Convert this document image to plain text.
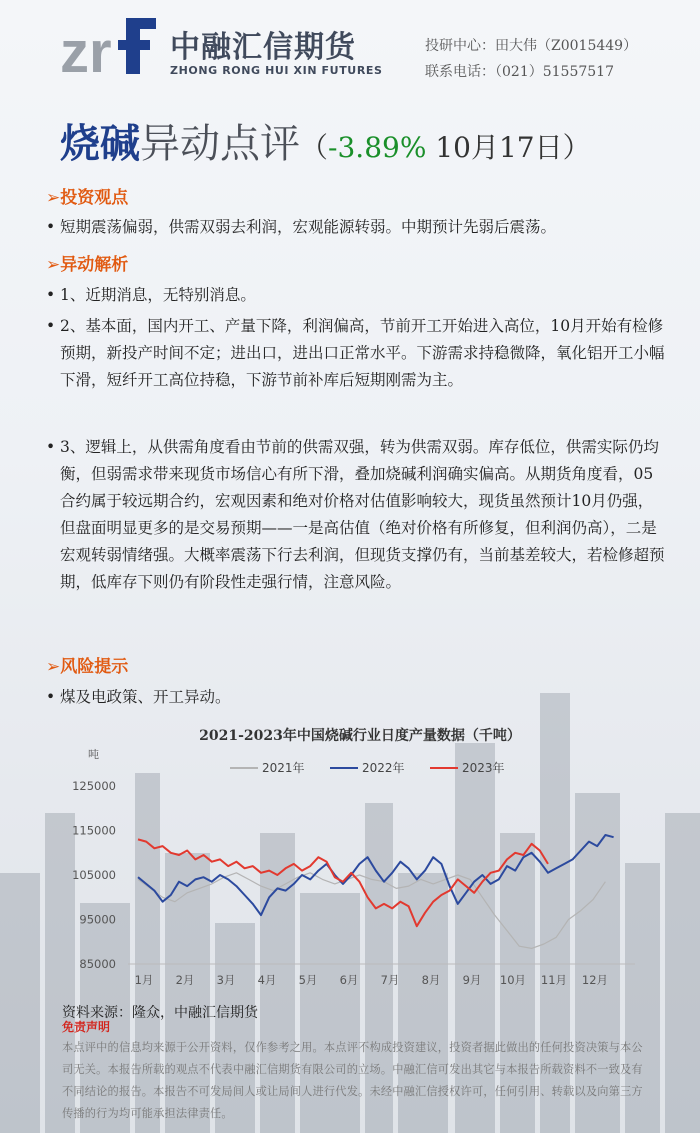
zr 中融汇信期货
ZHONG RONG HUI XIN FUTURES
投研中心：田大伟（Z0015449）
联系电话：（021）51557517
烧碱异动点评（-3.89% 10月17日）
➢投资观点
• 短期震荡偏弱，供需双弱去利润，宏观能源转弱。中期预计先弱后震荡。
➢异动解析
• 1、近期消息，无特别消息。
• 2、基本面，国内开工、产量下降，利润偏高，节前开工开始进入高位，10月开始有检修预期，新投产时间不定；进出口，进出口正常水平。下游需求持稳微降，氧化铝开工小幅下滑，短纤开工高位持稳，下游节前补库后短期刚需为主。
• 3、逻辑上，从供需角度看由节前的供需双强，转为供需双弱。库存低位，供需实际仍均衡，但弱需求带来现货市场信心有所下滑，叠加烧碱利润确实偏高。从期货角度看，05合约属于较远期合约，宏观因素和绝对价格对估值影响较大，现货虽然预计10月仍强，但盘面明显更多的是交易预期——一是高估值（绝对价格有所修复，但利润仍高），二是宏观转弱情绪强。大概率震荡下行去利润，但现货支撑仍有，当前基差较大，若检修超预期，低库存下则仍有阶段性走强行情，注意风险。
➢风险提示
• 煤及电政策、开工异动。
2021-2023年中国烧碱行业日度产量数据（千吨）
吨
2021年	2022年	2023年
125000
115000
105000
95000
85000
1月 2月 3月 4月 5月 6月 7月 8月 9月 10月 11月 12月
资料来源：隆众，中融汇信期货
免责声明
本点评中的信息均来源于公开资料，仅作参考之用。本点评不构成投资建议，投资者据此做出的任何投资决策与本公司无关。本报告所载的观点不代表中融汇信期货有限公司的立场。中融汇信可发出其它与本报告所载资料不一致及有不同结论的报告。本报告不可发局间人或让局间人进行代发。未经中融汇信授权许可，任何引用、转载以及向第三方传播的行为均可能承担法律责任。
